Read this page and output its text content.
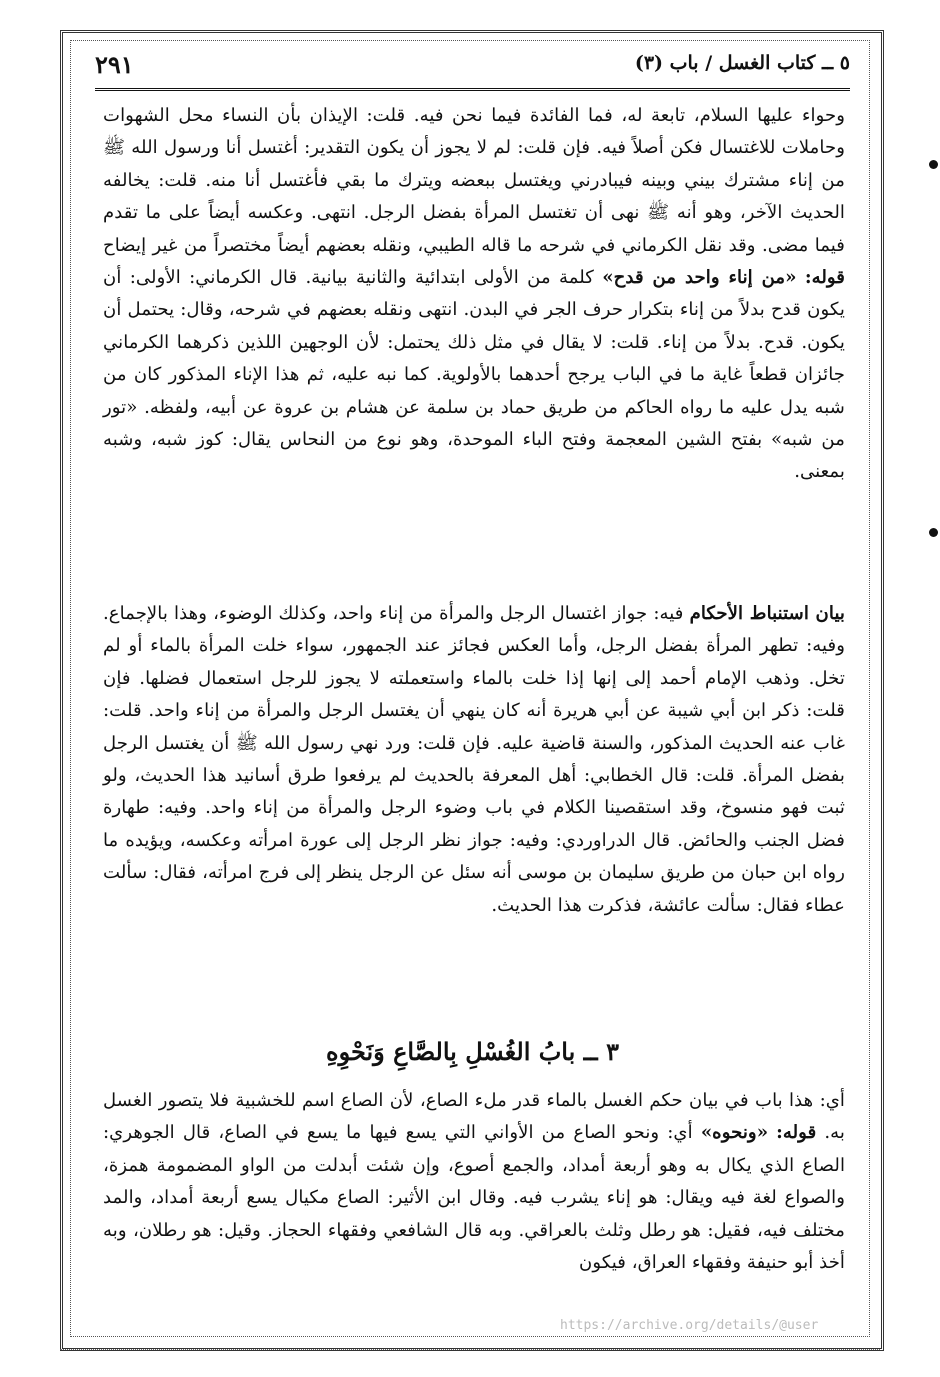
٥ ــ كتاب الغسل / باب (٣)
٢٩١

وحواء عليها السلام، تابعة له، فما الفائدة فيما نحن فيه. قلت: الإيذان بأن النساء محل الشهوات وحاملات للاغتسال فكن أصلاً فيه. فإن قلت: لم لا يجوز أن يكون التقدير: أغتسل أنا ورسول الله ﷺ من إناء مشترك بيني وبينه فيبادرني ويغتسل ببعضه ويترك ما بقي فأغتسل أنا منه. قلت: يخالفه الحديث الآخر، وهو أنه ﷺ نهى أن تغتسل المرأة بفضل الرجل. انتهى. وعكسه أيضاً على ما تقدم فيما مضى. وقد نقل الكرماني في شرحه ما قاله الطيبي، ونقله بعضهم أيضاً مختصراً من غير إيضاح قوله: «من إناء واحد من قدح» كلمة من الأولى ابتدائية والثانية بيانية. قال الكرماني: الأولى: أن يكون قدح بدلاً من إناء بتكرار حرف الجر في البدن. انتهى ونقله بعضهم في شرحه، وقال: يحتمل أن يكون. قدح. بدلاً من إناء. قلت: لا يقال في مثل ذلك يحتمل: لأن الوجهين اللذين ذكرهما الكرماني جائزان قطعاً غاية ما في الباب يرجح أحدهما بالأولوية. كما نبه عليه، ثم هذا الإناء المذكور كان من شبه يدل عليه ما رواه الحاكم من طريق حماد بن سلمة عن هشام بن عروة عن أبيه، ولفظه. «تور من شبه» بفتح الشين المعجمة وفتح الباء الموحدة، وهو نوع من النحاس يقال: كوز شبه، وشبه بمعنى.

بيان استنباط الأحكام فيه: جواز اغتسال الرجل والمرأة من إناء واحد، وكذلك الوضوء، وهذا بالإجماع. وفيه: تطهر المرأة بفضل الرجل، وأما العكس فجائز عند الجمهور، سواء خلت المرأة بالماء أو لم تخل. وذهب الإمام أحمد إلى إنها إذا خلت بالماء واستعملته لا يجوز للرجل استعمال فضلها. فإن قلت: ذكر ابن أبي شيبة عن أبي هريرة أنه كان ينهي أن يغتسل الرجل والمرأة من إناء واحد. قلت: غاب عنه الحديث المذكور، والسنة قاضية عليه. فإن قلت: ورد نهي رسول الله ﷺ أن يغتسل الرجل بفضل المرأة. قلت: قال الخطابي: أهل المعرفة بالحديث لم يرفعوا طرق أسانيد هذا الحديث، ولو ثبت فهو منسوخ، وقد استقصينا الكلام في باب وضوء الرجل والمرأة من إناء واحد. وفيه: طهارة فضل الجنب والحائض. قال الدراوردي: وفيه: جواز نظر الرجل إلى عورة امرأته وعكسه، ويؤيده ما رواه ابن حبان من طريق سليمان بن موسى أنه سئل عن الرجل ينظر إلى فرج امرأته، فقال: سألت عطاء فقال: سألت عائشة، فذكرت هذا الحديث.

٣ ــ بابُ الغُسْلِ بِالصَّاعِ وَنَحْوِهِ

أي: هذا باب في بيان حكم الغسل بالماء قدر ملء الصاع، لأن الصاع اسم للخشبية فلا يتصور الغسل به. قوله: «ونحوه» أي: ونحو الصاع من الأواني التي يسع فيها ما يسع في الصاع، قال الجوهري: الصاع الذي يكال به وهو أربعة أمداد، والجمع أصوع، وإن شئت أبدلت من الواو المضمومة همزة، والصواع لغة فيه ويقال: هو إناء يشرب فيه. وقال ابن الأثير: الصاع مكيال يسع أربعة أمداد، والمد مختلف فيه، فقيل: هو رطل وثلث بالعراقي. وبه قال الشافعي وفقهاء الحجاز. وقيل: هو رطلان، وبه أخذ أبو حنيفة وفقهاء العراق، فيكون

https://archive.org/details/@user
